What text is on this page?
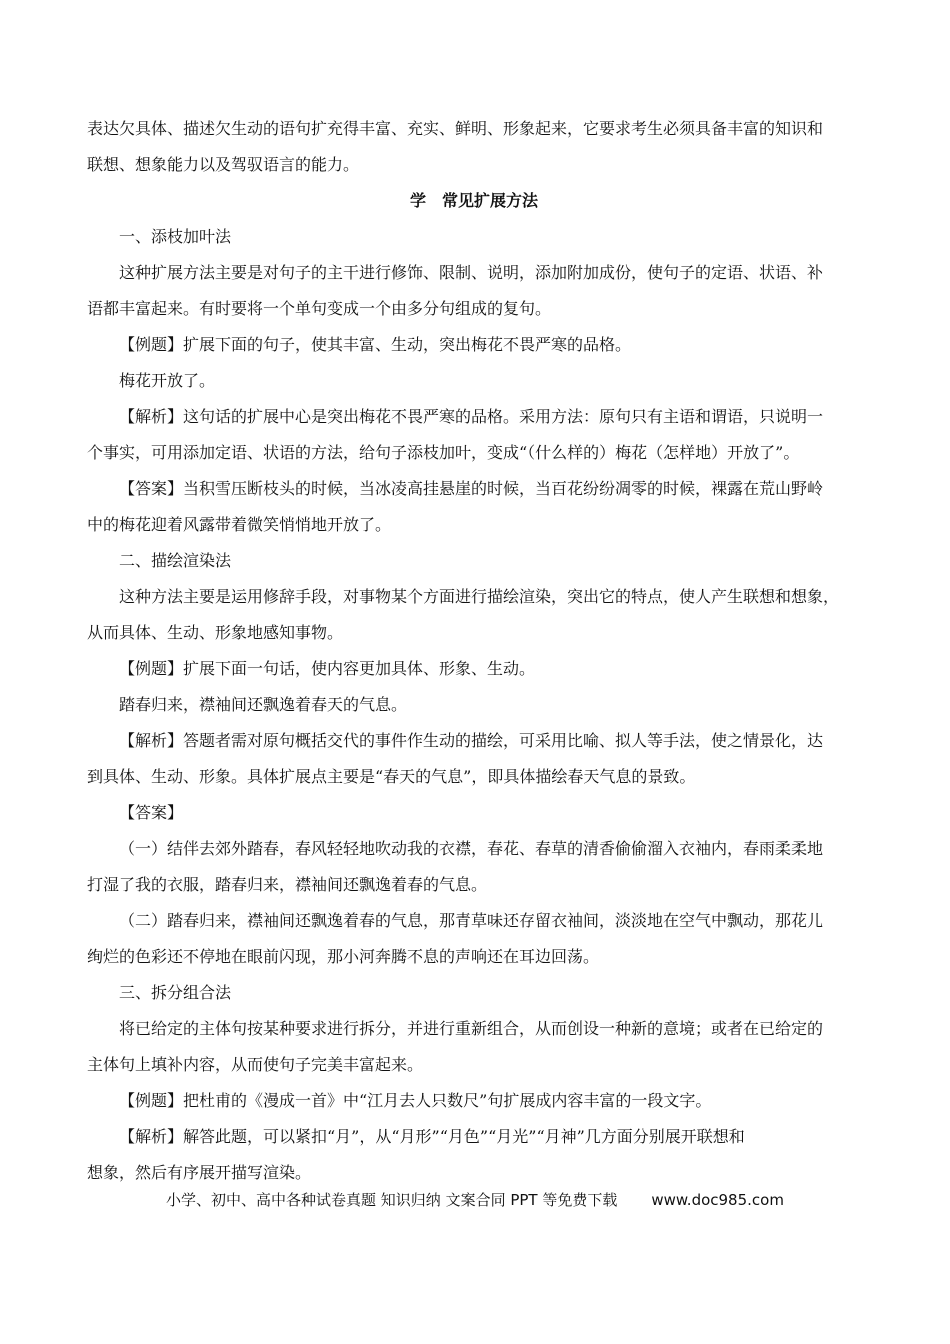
表达欠具体、描述欠生动的语句扩充得丰富、充实、鲜明、形象起来，它要求考生必须具备丰富的知识和
联想、想象能力以及驾驭语言的能力。
学　常见扩展方法
一、添枝加叶法
这种扩展方法主要是对句子的主干进行修饰、限制、说明，添加附加成份，使句子的定语、状语、补
语都丰富起来。有时要将一个单句变成一个由多分句组成的复句。
【例题】扩展下面的句子，使其丰富、生动，突出梅花不畏严寒的品格。
梅花开放了。
【解析】这句话的扩展中心是突出梅花不畏严寒的品格。采用方法：原句只有主语和谓语，只说明一
个事实，可用添加定语、状语的方法，给句子添枝加叶，变成“（什么样的）梅花（怎样地）开放了”。
【答案】当积雪压断枝头的时候，当冰凌高挂悬崖的时候，当百花纷纷凋零的时候，裸露在荒山野岭
中的梅花迎着风露带着微笑悄悄地开放了。
二、描绘渲染法
这种方法主要是运用修辞手段，对事物某个方面进行描绘渲染，突出它的特点，使人产生联想和想象，
从而具体、生动、形象地感知事物。
【例题】扩展下面一句话，使内容更加具体、形象、生动。
踏春归来，襟袖间还飘逸着春天的气息。
【解析】答题者需对原句概括交代的事件作生动的描绘，可采用比喻、拟人等手法，使之情景化，达
到具体、生动、形象。具体扩展点主要是“春天的气息”，即具体描绘春天气息的景致。
【答案】
（一）结伴去郊外踏春，春风轻轻地吹动我的衣襟，春花、春草的清香偷偷溜入衣袖内，春雨柔柔地
打湿了我的衣服，踏春归来，襟袖间还飘逸着春的气息。
（二）踏春归来，襟袖间还飘逸着春的气息，那青草味还存留衣袖间，淡淡地在空气中飘动，那花儿
绚烂的色彩还不停地在眼前闪现，那小河奔腾不息的声响还在耳边回荡。
三、拆分组合法
将已给定的主体句按某种要求进行拆分，并进行重新组合，从而创设一种新的意境；或者在已给定的
主体句上填补内容，从而使句子完美丰富起来。
【例题】把杜甫的《漫成一首》中“江月去人只数尺”句扩展成内容丰富的一段文字。
【解析】解答此题，可以紧扣“月”，从“月形”“月色”“月光”“月神”几方面分别展开联想和
想象，然后有序展开描写渲染。
小学、初中、高中各种试卷真题 知识归纳 文案合同 PPT 等免费下载 www.doc985.com
